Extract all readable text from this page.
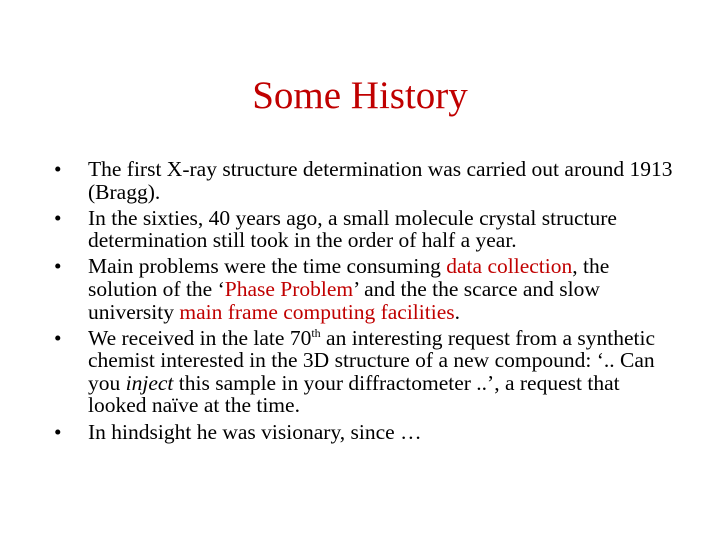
Some History
• The first X-ray structure determination was carried out around 1913 (Bragg).
• In the sixties, 40 years ago, a small molecule crystal structure determination still took in the order of half a year.
• Main problems were the time consuming data collection, the solution of the ‘Phase Problem’ and the the scarce and slow university main frame computing facilities.
• We received in the late 70th an interesting request from a synthetic chemist interested in the 3D structure of a new compound: ‘.. Can you inject this sample in your diffractometer ..’, a request that looked naïve at the time.
• In hindsight he was visionary, since …
